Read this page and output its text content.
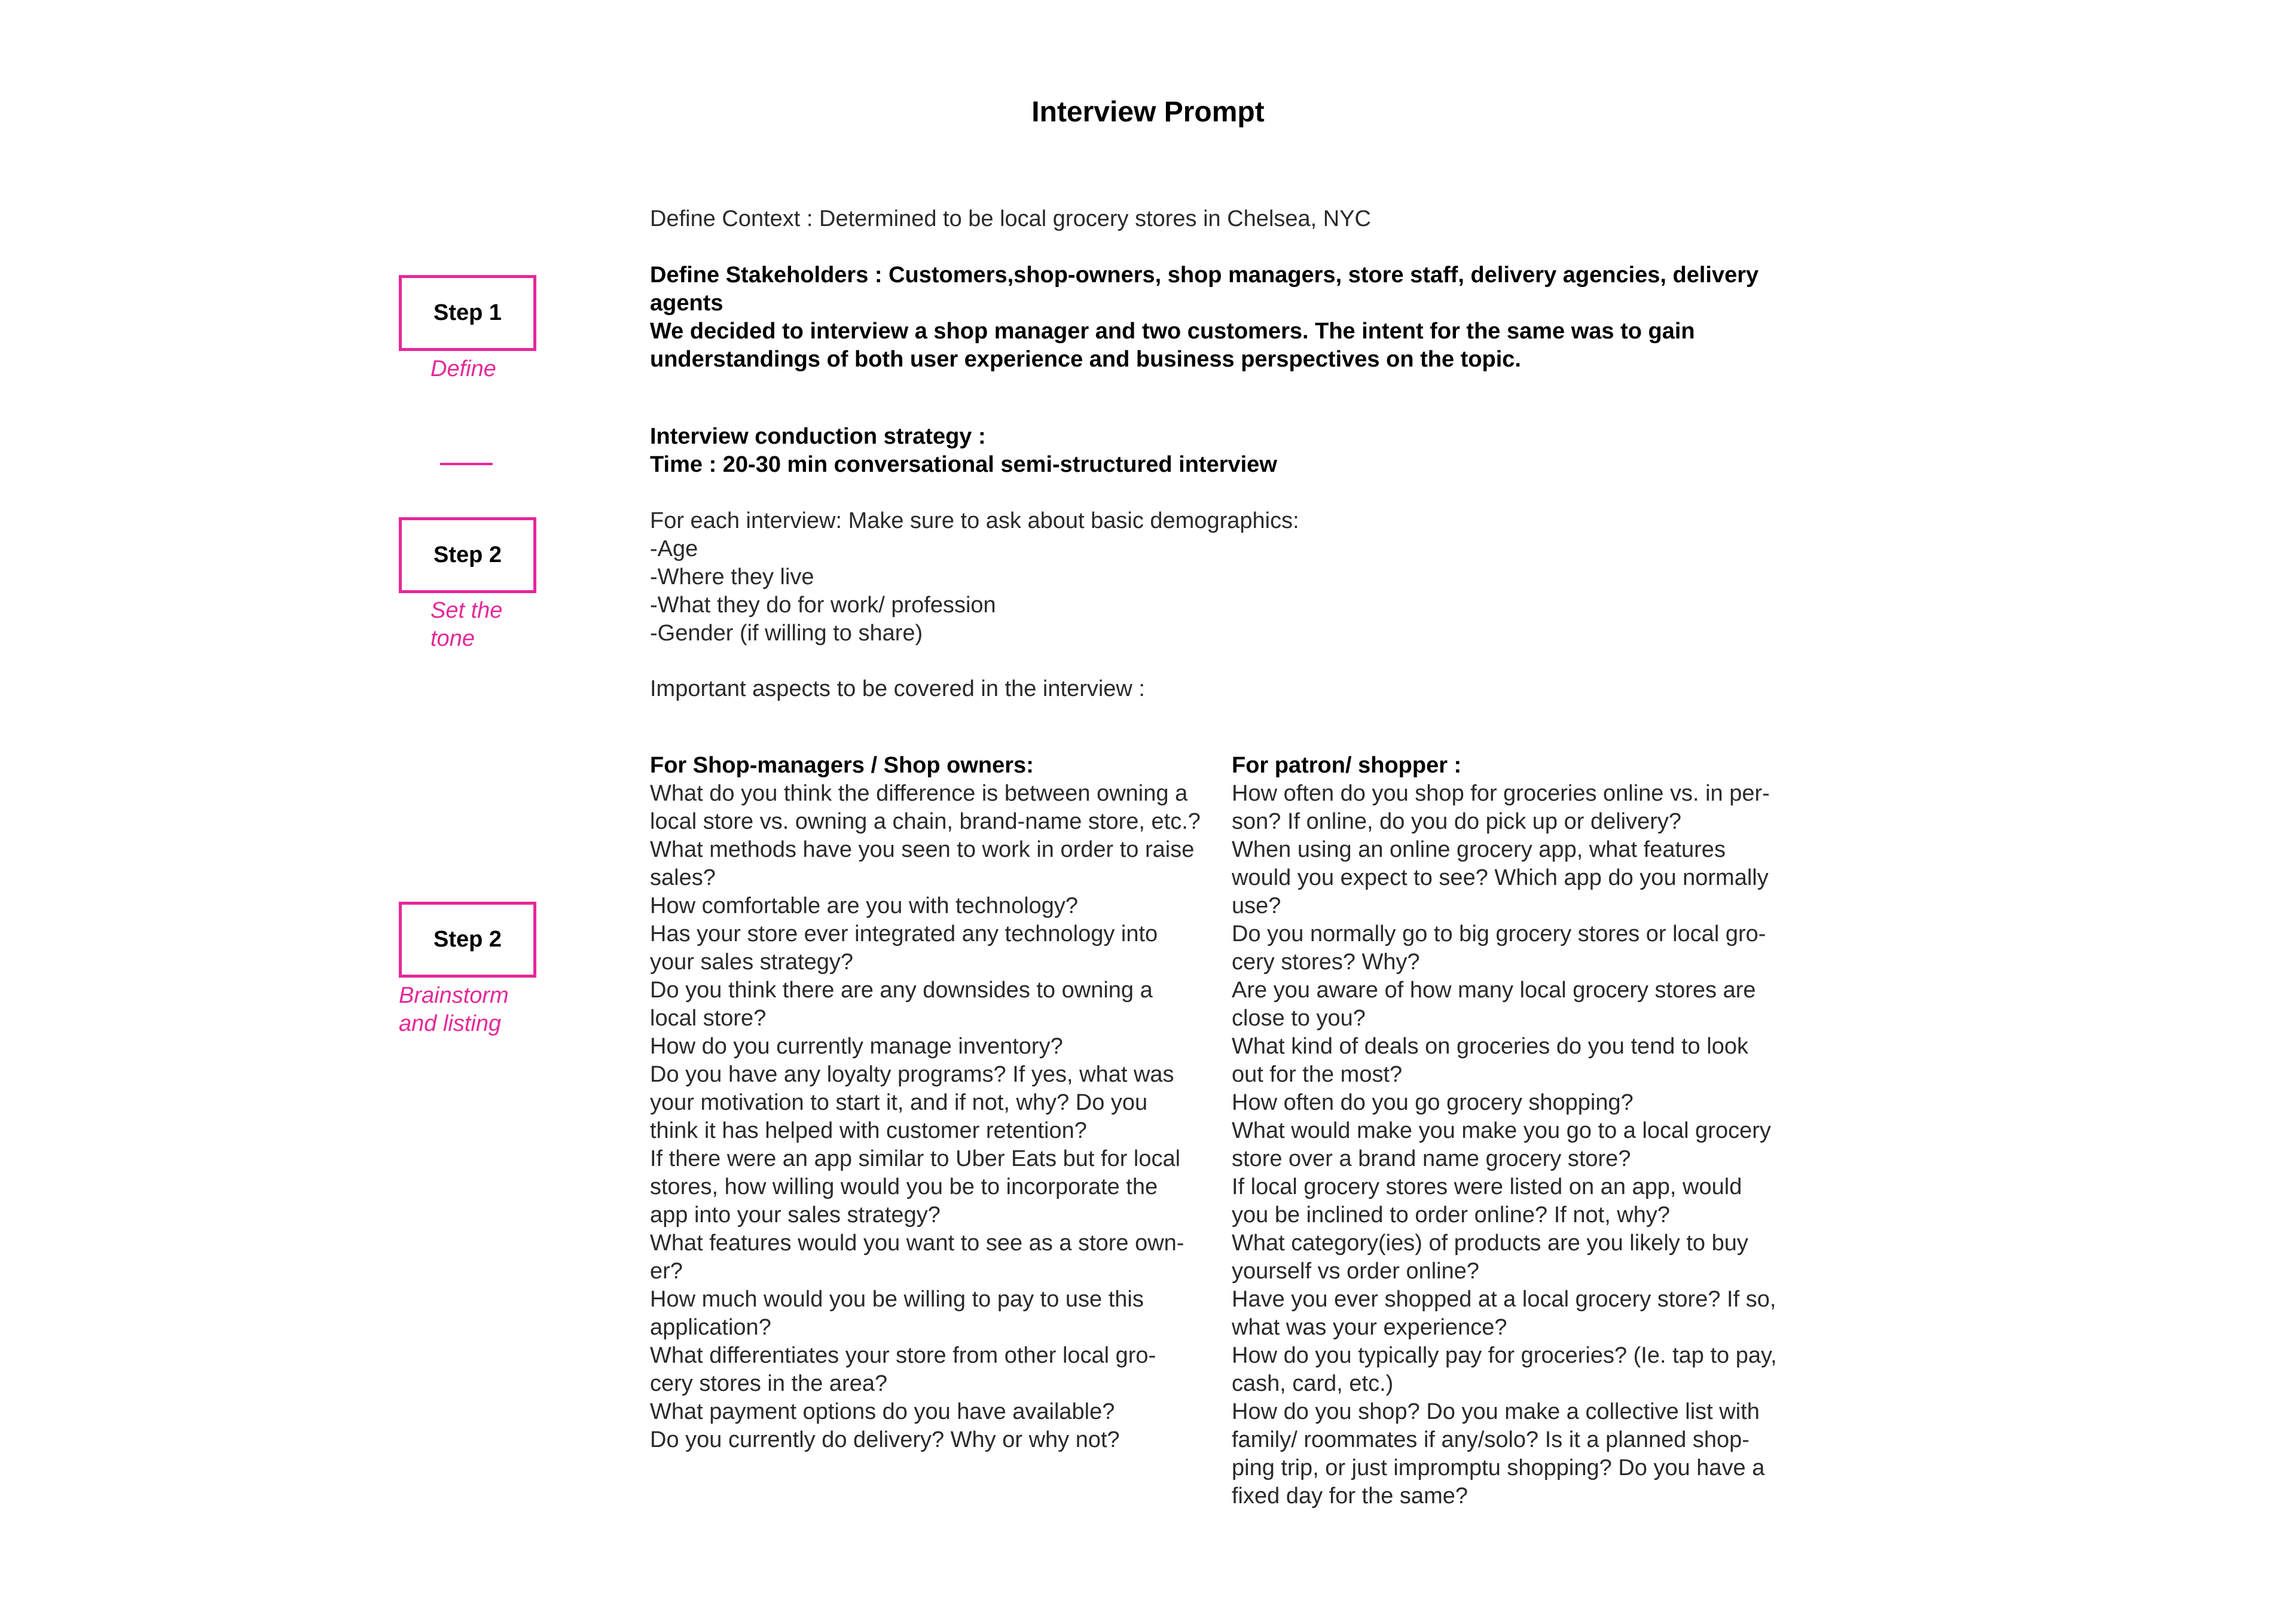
Interview Prompt
Step 1
Define
Step 2
Set the
tone
Step 2
Brainstorm
and listing
Define Context : Determined to be local grocery stores in Chelsea, NYC
Define Stakeholders : Customers,shop-owners, shop managers, store staff, delivery agencies, delivery
agents
We decided to interview a shop manager and two customers. The intent for the same was to gain
understandings of both user experience and business perspectives on the topic.
Interview conduction strategy :
Time : 20-30 min conversational semi-structured interview
For each interview: Make sure to ask about basic demographics:
-Age
-Where they live
-What they do for work/ profession
-Gender (if willing to share)
Important aspects to be covered in the interview :
For Shop-managers / Shop owners:
What do you think the difference is between owning a
local store vs. owning a chain, brand-name store, etc.?
What methods have you seen to work in order to raise
sales?
How comfortable are you with technology?
Has your store ever integrated any technology into
your sales strategy?
Do you think there are any downsides to owning a
local store?
How do you currently manage inventory?
Do you have any loyalty programs? If yes, what was
your motivation to start it, and if not, why? Do you
think it has helped with customer retention?
If there were an app similar to Uber Eats but for local
stores, how willing would you be to incorporate the
app into your sales strategy?
What features would you want to see as a store own-
er?
How much would you be willing to pay to use this
application?
What differentiates your store from other local gro-
cery stores in the area?
What payment options do you have available?
Do you currently do delivery? Why or why not?
For patron/ shopper :
How often do you shop for groceries online vs. in per-
son? If online, do you do pick up or delivery?
When using an online grocery app, what features
would you expect to see? Which app do you normally
use?
Do you normally go to big grocery stores or local gro-
cery stores? Why?
Are you aware of how many local grocery stores are
close to you?
What kind of deals on groceries do you tend to look
out for the most?
How often do you go grocery shopping?
What would make you make you go to a local grocery
store over a brand name grocery store?
If local grocery stores were listed on an app, would
you be inclined to order online? If not, why?
What category(ies) of products are you likely to buy
yourself vs order online?
Have you ever shopped at a local grocery store? If so,
what was your experience?
How do you typically pay for groceries? (Ie. tap to pay,
cash, card, etc.)
How do you shop? Do you make a collective list with
family/ roommates if any/solo? Is it a planned shop-
ping trip, or just impromptu shopping? Do you have a
fixed day for the same?
